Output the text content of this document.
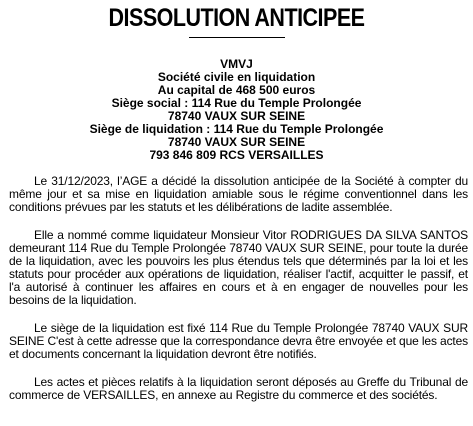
DISSOLUTION ANTICIPEE
VMVJ
Société civile en liquidation
Au capital de 468 500 euros
Siège social : 114 Rue du Temple Prolongée
78740 VAUX SUR SEINE
Siège de liquidation : 114 Rue du Temple Prolongée
78740 VAUX SUR SEINE
793 846 809 RCS VERSAILLES

Le 31/12/2023, l’AGE a décidé la dissolution anticipée de la Société à compter du même jour et sa mise en liquidation amiable sous le régime conventionnel dans les conditions prévues par les statuts et les délibérations de ladite assemblée.

Elle a nommé comme liquidateur Monsieur Vitor RODRIGUES DA SILVA SANTOS demeurant 114 Rue du Temple Prolongée 78740 VAUX SUR SEINE, pour toute la durée de la liquidation, avec les pouvoirs les plus étendus tels que déterminés par la loi et les statuts pour procéder aux opérations de liquidation, réaliser l'actif, acquitter le passif, et l'a autorisé à continuer les affaires en cours et à en engager de nouvelles pour les besoins de la liquidation.

Le siège de la liquidation est fixé 114 Rue du Temple Prolongée 78740 VAUX SUR SEINE C'est à cette adresse que la correspondance devra être envoyée et que les actes et documents concernant la liquidation devront être notifiés.

Les actes et pièces relatifs à la liquidation seront déposés au Greffe du Tribunal de commerce de VERSAILLES, en annexe au Registre du commerce et des sociétés.
